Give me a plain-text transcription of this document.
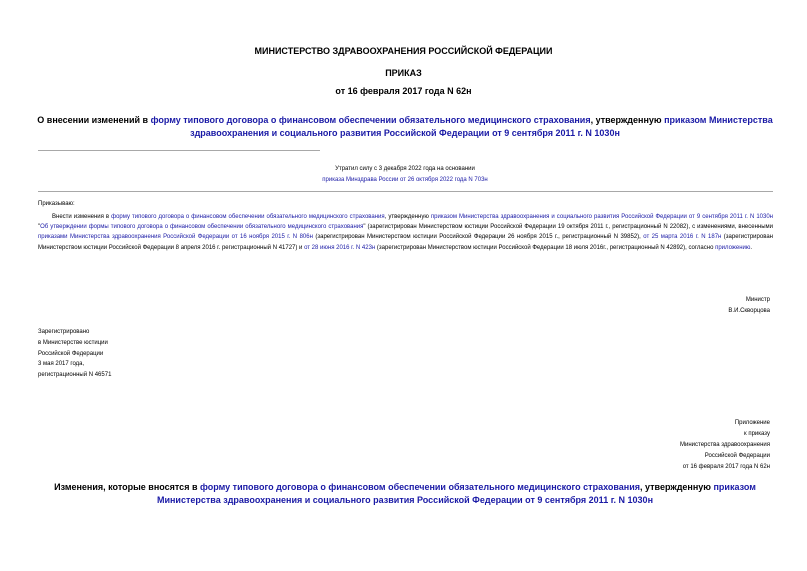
МИНИСТЕРСТВО ЗДРАВООХРАНЕНИЯ РОССИЙСКОЙ ФЕДЕРАЦИИ
ПРИКАЗ
от 16 февраля 2017 года N 62н
О внесении изменений в форму типового договора о финансовом обеспечении обязательного медицинского страхования, утвержденную приказом Министерства здравоохранения и социального развития Российской Федерации от 9 сентября 2011 г. N 1030н
Утратил силу с 3 декабря 2022 года на основании
приказа Минздрава России от 26 октября 2022 года N 703н
Приказываю:
Внести изменения в форму типового договора о финансовом обеспечении обязательного медицинского страхования, утвержденную приказом Министерства здравоохранения и социального развития Российской Федерации от 9 сентября 2011 г. N 1030н "Об утверждении формы типового договора о финансовом обеспечении обязательного медицинского страхования" (зарегистрирован Министерством юстиции Российской Федерации 19 октября 2011 г., регистрационный N 22082), с изменениями, внесенными приказами Министерства здравоохранения Российской Федерации от 16 ноября 2015 г. N 806н (зарегистрирован Министерством юстиции Российской Федерации 26 ноября 2015 г., регистрационный N 39852), от 25 марта 2016 г. N 187н (зарегистрирован Министерством юстиции Российской Федерации 8 апреля 2016 г. регистрационный N 41727) и от 28 июня 2016 г. N 423н (зарегистрирован Министерством юстиции Российской Федерации 18 июля 2016г., регистрационный N 42892), согласно приложению.
Министр
В.И.Скворцова
Зарегистрировано
в Министерстве юстиции
Российской Федерации
3 мая 2017 года,
регистрационный N 46571
Приложение
к приказу
Министерства здравоохранения
Российской Федерации
от 16 февраля 2017 года N 62н
Изменения, которые вносятся в форму типового договора о финансовом обеспечении обязательного медицинского страхования, утвержденную приказом Министерства здравоохранения и социального развития Российской Федерации от 9 сентября 2011 г. N 1030н
